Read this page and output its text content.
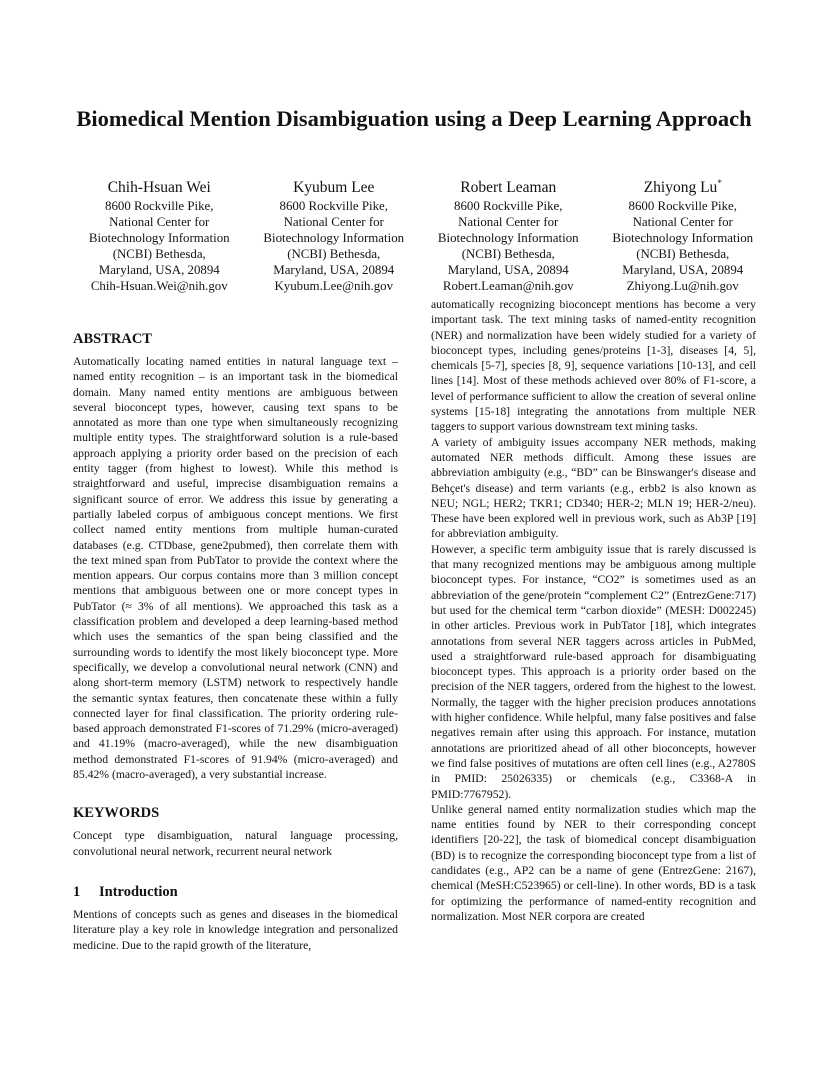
Biomedical Mention Disambiguation using a Deep Learning Approach
Chih-Hsuan Wei
8600 Rockville Pike,
National Center for
Biotechnology Information
(NCBI) Bethesda,
Maryland, USA, 20894
Chih-Hsuan.Wei@nih.gov
Kyubum Lee
8600 Rockville Pike,
National Center for
Biotechnology Information
(NCBI) Bethesda,
Maryland, USA, 20894
Kyubum.Lee@nih.gov
Robert Leaman
8600 Rockville Pike,
National Center for
Biotechnology Information
(NCBI) Bethesda,
Maryland, USA, 20894
Robert.Leaman@nih.gov
Zhiyong Lu*
8600 Rockville Pike,
National Center for
Biotechnology Information
(NCBI) Bethesda,
Maryland, USA, 20894
Zhiyong.Lu@nih.gov
ABSTRACT

Automatically locating named entities in natural language text – named entity recognition – is an important task in the biomedical domain. Many named entity mentions are ambiguous between several bioconcept types, however, causing text spans to be annotated as more than one type when simultaneously recognizing multiple entity types. The straightforward solution is a rule-based approach applying a priority order based on the precision of each entity tagger (from highest to lowest). While this method is straightforward and useful, imprecise disambiguation remains a significant source of error. We address this issue by generating a partially labeled corpus of ambiguous concept mentions. We first collect named entity mentions from multiple human-curated databases (e.g. CTDbase, gene2pubmed), then correlate them with the text mined span from PubTator to provide the context where the mention appears. Our corpus contains more than 3 million concept mentions that ambiguous between one or more concept types in PubTator (≈ 3% of all mentions). We approached this task as a classification problem and developed a deep learning-based method which uses the semantics of the span being classified and the surrounding words to identify the most likely bioconcept type. More specifically, we develop a convolutional neural network (CNN) and along short-term memory (LSTM) network to respectively handle the semantic syntax features, then concatenate these within a fully connected layer for final classification. The priority ordering rule-based approach demonstrated F1-scores of 71.29% (micro-averaged) and 41.19% (macro-averaged), while the new disambiguation method demonstrated F1-scores of 91.94% (micro-averaged) and 85.42% (macro-averaged), a very substantial increase.

KEYWORDS

Concept type disambiguation, natural language processing, convolutional neural network, recurrent neural network

1 Introduction

Mentions of concepts such as genes and diseases in the biomedical literature play a key role in knowledge integration and personalized medicine. Due to the rapid growth of the literature,

automatically recognizing bioconcept mentions has become a very important task. The text mining tasks of named-entity recognition (NER) and normalization have been widely studied for a variety of bioconcept types, including genes/proteins [1-3], diseases [4, 5], chemicals [5-7], species [8, 9], sequence variations [10-13], and cell lines [14]. Most of these methods achieved over 80% of F1-score, a level of performance sufficient to allow the creation of several online systems [15-18] integrating the annotations from multiple NER taggers to support various downstream text mining tasks.

A variety of ambiguity issues accompany NER methods, making automated NER methods difficult. Among these issues are abbreviation ambiguity (e.g., “BD” can be Binswanger's disease and Behçet's disease) and term variants (e.g., erbb2 is also known as NEU; NGL; HER2; TKR1; CD340; HER-2; MLN 19; HER-2/neu). These have been explored well in previous work, such as Ab3P [19] for abbreviation ambiguity.

However, a specific term ambiguity issue that is rarely discussed is that many recognized mentions may be ambiguous among multiple bioconcept types. For instance, “CO2” is sometimes used as an abbreviation of the gene/protein “complement C2” (EntrezGene:717) but used for the chemical term “carbon dioxide” (MESH: D002245) in other articles. Previous work in PubTator [18], which integrates annotations from several NER taggers across articles in PubMed, used a straightforward rule-based approach for disambiguating bioconcept types. This approach is a priority order based on the precision of the NER taggers, ordered from the highest to the lowest. Normally, the tagger with the higher precision produces annotations with higher confidence. While helpful, many false positives and false negatives remain after using this approach. For instance, mutation annotations are prioritized ahead of all other bioconcepts, however we find false positives of mutations are often cell lines (e.g., A2780S in PMID: 25026335) or chemicals (e.g., C3368-A in PMID:7767952).

Unlike general named entity normalization studies which map the name entities found by NER to their corresponding concept identifiers [20-22], the task of biomedical concept disambiguation (BD) is to recognize the corresponding bioconcept type from a list of candidates (e.g., AP2 can be a name of gene (EntrezGene: 2167), chemical (MeSH:C523965) or cell-line). In other words, BD is a task for optimizing the performance of named-entity recognition and normalization. Most NER corpora are created
